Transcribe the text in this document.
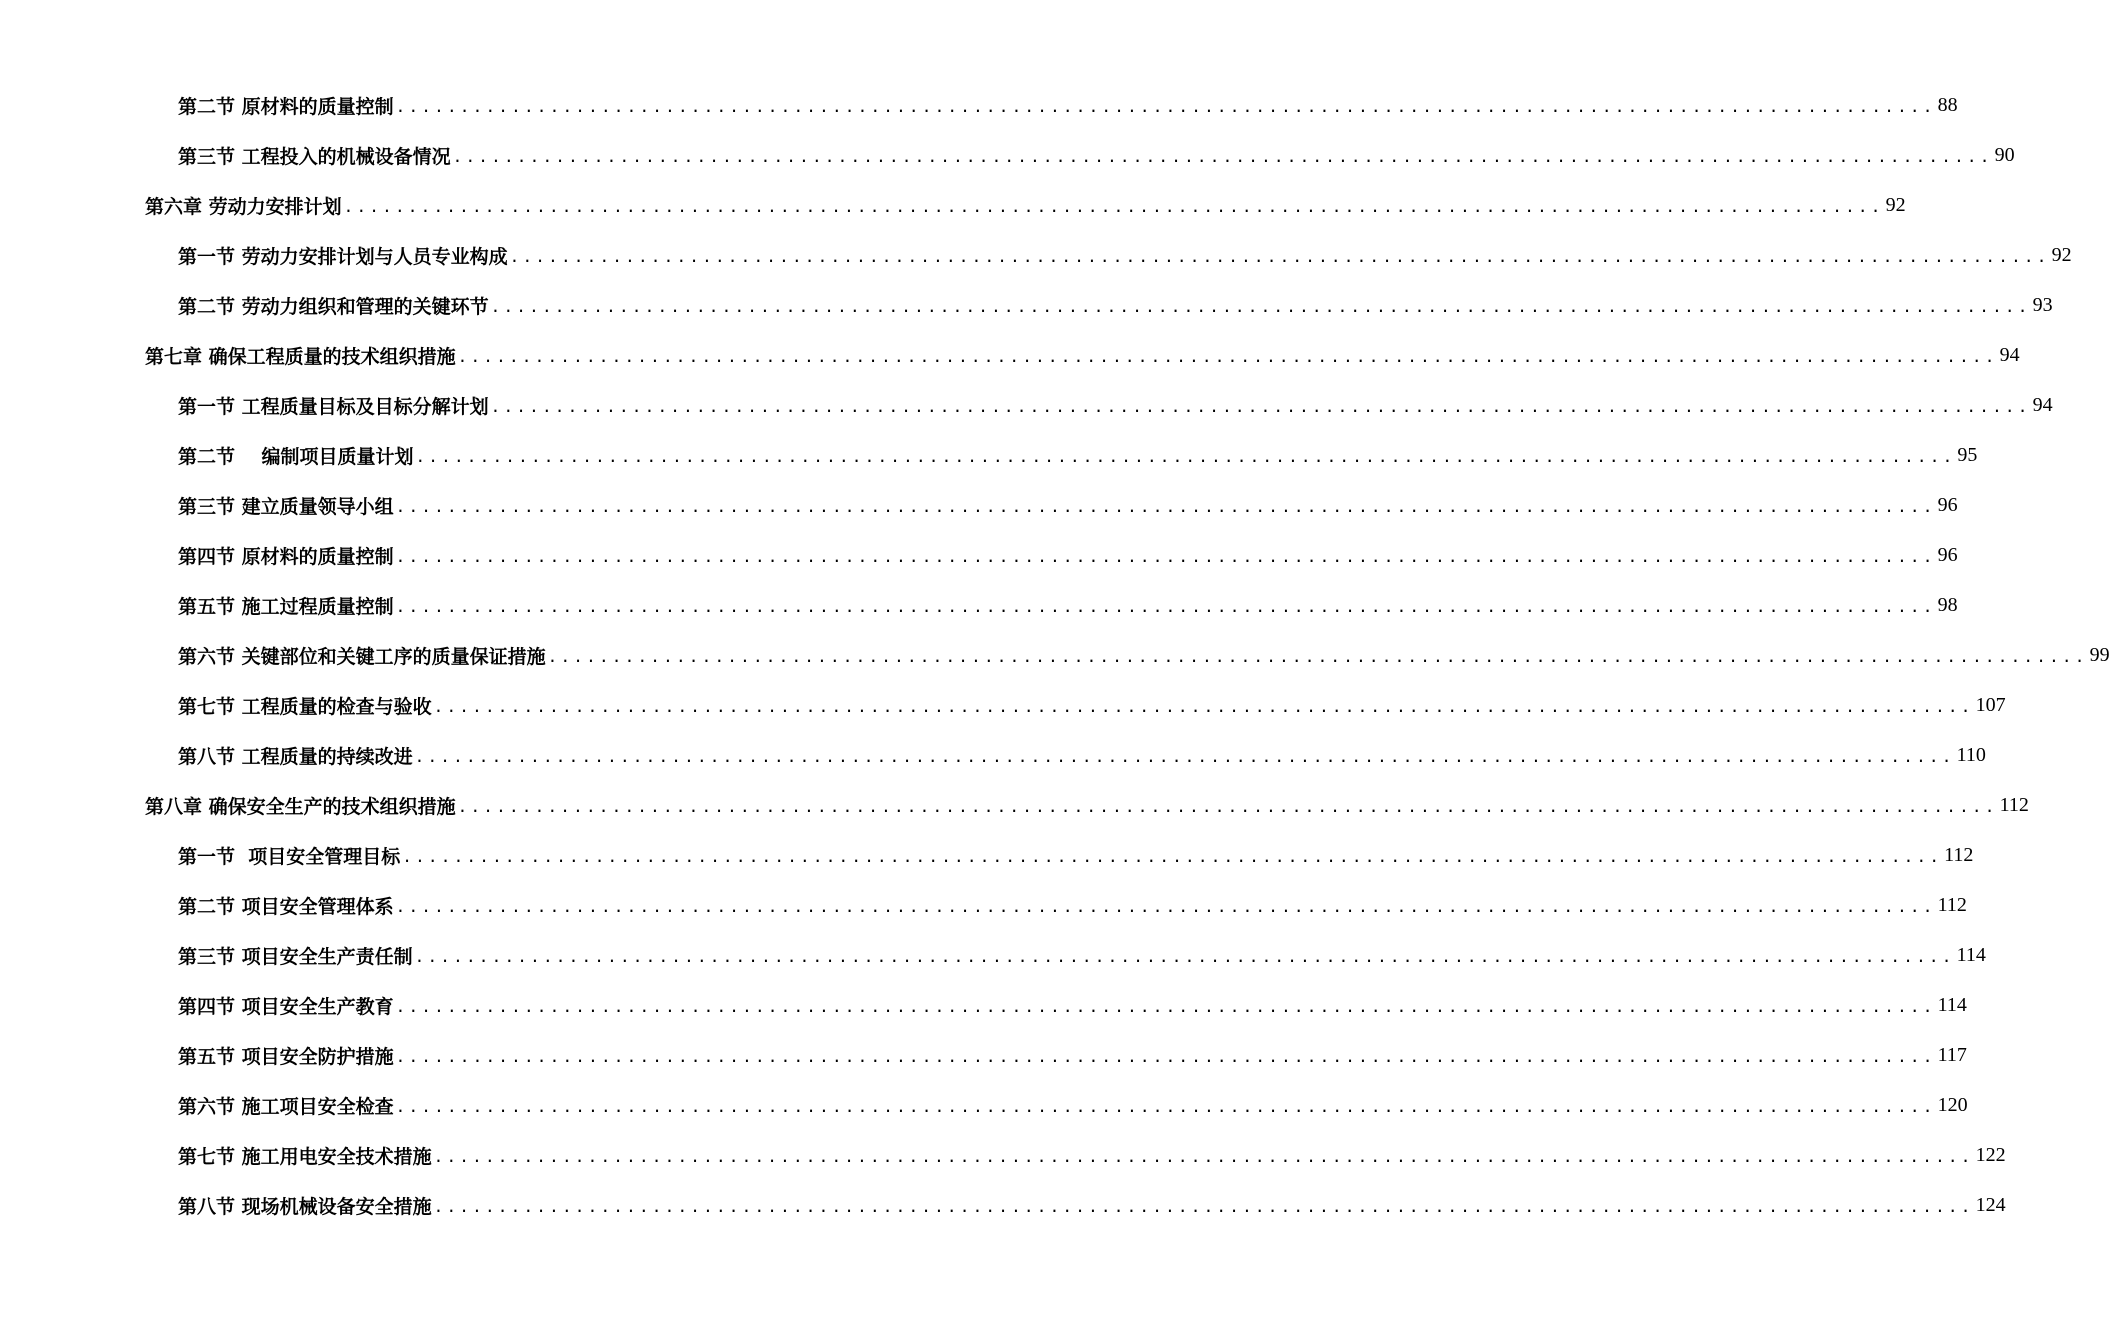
第二节 原材料的质量控制 ........................................................................................................................ 88
第三节 工程投入的机械设备情况 ........................................................................................................................ 90
第六章 劳动力安排计划 ........................................................................................................................ 92
第一节 劳动力安排计划与人员专业构成 ........................................................................................................................ 92
第二节 劳动力组织和管理的关键环节 ........................................................................................................................ 93
第七章 确保工程质量的技术组织措施 ........................................................................................................................ 94
第一节 工程质量目标及目标分解计划 ........................................................................................................................ 94
第二节    编制项目质量计划 ........................................................................................................................ 95
第三节 建立质量领导小组 ........................................................................................................................ 96
第四节 原材料的质量控制 ........................................................................................................................ 96
第五节 施工过程质量控制 ........................................................................................................................ 98
第六节 关键部位和关键工序的质量保证措施 ........................................................................................................................ 99
第七节 工程质量的检查与验收 ........................................................................................................................ 107
第八节 工程质量的持续改进 ........................................................................................................................ 110
第八章 确保安全生产的技术组织措施 ........................................................................................................................ 112
第一节  项目安全管理目标 ........................................................................................................................ 112
第二节 项目安全管理体系 ........................................................................................................................ 112
第三节 项目安全生产责任制 ........................................................................................................................ 114
第四节 项目安全生产教育 ........................................................................................................................ 114
第五节 项目安全防护措施 ........................................................................................................................ 117
第六节 施工项目安全检查 ........................................................................................................................ 120
第七节 施工用电安全技术措施 ........................................................................................................................ 122
第八节 现场机械设备安全措施 ........................................................................................................................ 124
